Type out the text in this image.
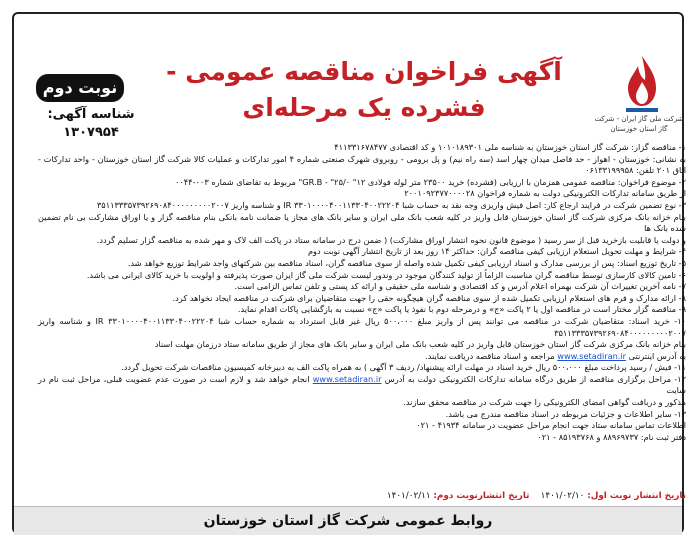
آگهی فراخوان مناقصه عمومی - فشرده یک مرحله‌ای
نوبت دوم
شناسه آگهی: ۱۳۰۷۹۵۴
شرکت ملی گاز ایران - شرکت گاز استان خوزستان

۱- مناقصه گزار: شرکت گاز استان خوزستان به شناسه ملی ۱۰۱۰۱۸۹۳۰۱ و کد اقتصادی ۴۱۱۳۳۱۶۷۸۴۷۷

به نشانی: خوزستان - اهواز - حد فاصل میدان چهار اسد (سه راه نیم) و پل برومی - روبروی شهرک صنعتی شماره ۴ امور تدارکات و عملیات کالا شرکت گاز استان خوزستان - واحد تدارکات - اتاق ۲۰۱ تلفن: ۰۶۱۳۳۱۹۹۹۵۸

۲- موضوع فراخوان: مناقصه عمومی همزمان با ارزیابی (فشرده) خرید ۲۳۵۰۰ متر لوله فولادی ۱۲" GR.B - "۲۵/۰" مربوط به تقاضای شماره ۰۰۳-۰۰۴۴

از طریق سامانه تدارکات الکترونیکی دولت به شماره فراخوان ۲۰۰۱۰۹۲۳۷۷۰۰۰۰۲۸

۳- نوع تضمین شرکت در فرایند ارجاع کار: اصل فیش واریزی وجه نقد به حساب شبا IR ۳۳۰۱۰۰۰۰۴۰۰۱۱۳۳۰۴۰۰۲۲۲۰۴ و شناسه واریز ۳۵۱۱۳۳۳۵۷۳۹۲۶۹۰۸۴۰۰۰۰۰۰۰۰۰۲۰۰۷

بنام خزانه بانک مرکزی شرکت گاز استان خوزستان قابل واریز در کلیه شعب بانک ملی ایران و سایر بانک های مجاز یا ضمانت نامه بانکی بنام مناقصه گزار و یا اوراق مشارکت بی نام تضمین شده بانک ها

و دولت یا قابلیت بازخرید قبل از سر رسید ( موضوع قانون نحوه انتشار اوراق مشارکت) ( ضمن درج در سامانه ستاد در پاکت الف لاک و مهر شده به مناقصه گزار تسلیم گردد.

۴- شرایط و مهلت تحویل استعلام ارزیابی کیفی مناقصه گران: حداکثر ۱۴ روز بعد از تاریخ انتشار آگهی نوبت دوم

۵- تاریخ توزیع اسناد: پس از بررسی مدارک و اسناد ارزیابی کیفی تکمیل شده واصله از سوی مناقصه گران، اسناد مناقصه بین شرکتهای واجد شرایط توزیع خواهد شد.

۶- تامین کالای کارسازی توسط مناقصه گران مناسبت الزاماً از تولید کنندگان موجود در وندور لیست شرکت ملی گاز ایران صورت پذیرفته و اولویت با خرید کالای ایرانی می باشد.

۷- نامه آخرین تغییرات آن شرکت بهمراه اعلام آدرس و کد اقتصادی و شناسه ملی حقیقی و ارائه کد پستی و تلفن تماس الزامی است.

۸- ارائه مدارک و فرم های استعلام ارزیابی تکمیل شده از سوی مناقصه گران هیچگونه حقی را جهت متقاضیان برای شرکت در مناقصه ایجاد نخواهد کرد.

۹- مناقصه گزار مختار است در مناقصه اول یا ۲ پاکت «ج» و درمرحله دوم با نفوذ یا پاکت «ج» نسبت به بازگشایی پاکات اقدام نماید.

۱۰- خرید اسناد: متقاضیان شرکت در مناقصه می توانند پس از واریز مبلغ ۵۰۰،۰۰۰ ریال غیر قابل استرداد به شماره حساب شبا IR ۳۳۰۱۰۰۰۰۴۰۰۱۱۳۳۰۴۰۰۲۲۲۰۴ و شناسه واریز ۳۵۱۱۳۳۳۵۷۳۹۲۶۹۰۸۴۰۰۰۰۰۰۰۰۰۲۰۰۷

بنام خزانه بانک مرکزی شرکت گاز استان خوزستان قابل واریز در کلیه شعب بانک ملی ایران و سایر بانک های مجاز از طریق سامانه ستاد درزمان مهلت اسناد

به آدرس اینترنتی www.setadiran.ir مراجعه و اسناد مناقصه دریافت نمایند.

۱۱- فیش / رسید پرداخت مبلغ ۵۰۰،۰۰۰ ریال خرید اسناد در مهلت ارائه پیشنهاد/ ردیف ۳ آگهی ) به همراه پاکت الف به دبیرخانه کمیسیون مناقصات شرکت تحویل گردد.

۱۲- مراحل برگزاری مناقصه از طریق درگاه سامانه تدارکات الکترونیکی دولت به آدرس www.setadiran.ir انجام خواهد شد و لازم است در صورت عدم عضویت قبلی، مراحل ثبت نام در سایت

مذکور و دریافت گواهی امضای الکترونیکی را جهت شرکت در مناقصه محقق سازند.

۱۳- سایر اطلاعات و جزئیات مربوطه در اسناد مناقصه مندرج می باشد.

اطلاعات تماس سامانه ستاد جهت انجام مراحل عضویت در سامانه ۴۱۹۳۴ - ۰۲۱

دفتر ثبت نام: ۸۸۹۶۹۷۳۷ و ۸۵۱۹۳۷۶۸ - ۰۲۱

تاریخ انتشار نوبت اول: ۱۴۰۱/۰۲/۱۰    تاریخ انتشارنوبت دوم: ۱۴۰۱/۰۲/۱۱
روابط عمومی شرکت گاز استان خوزستان
